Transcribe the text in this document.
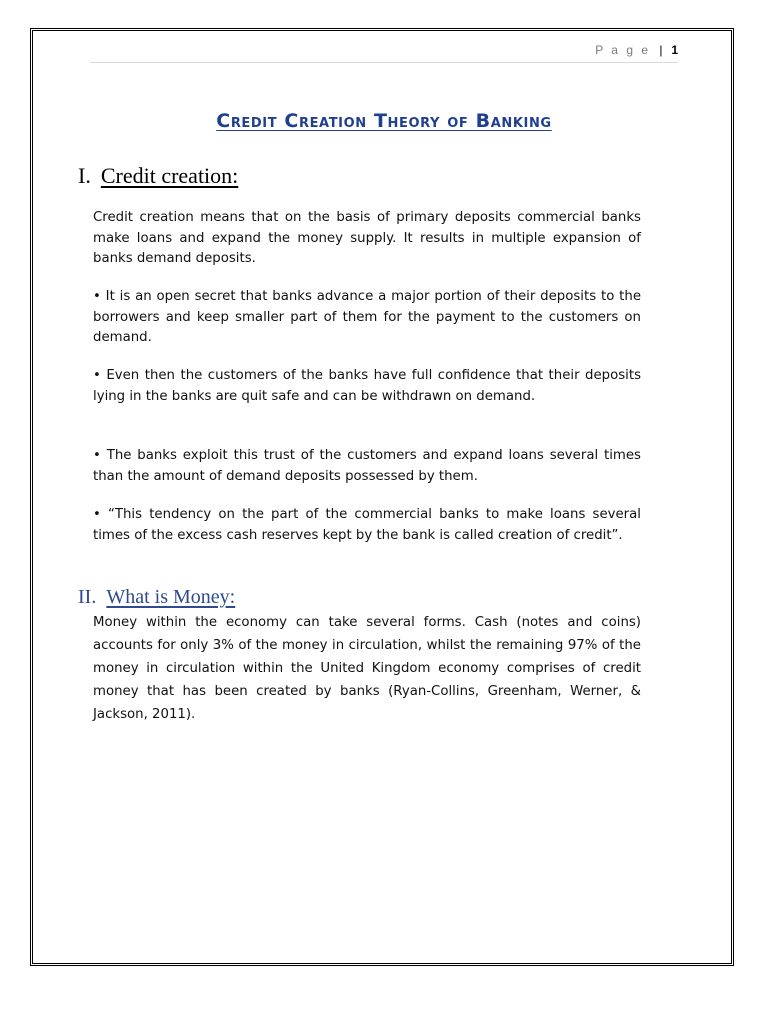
P a g e | 1
Credit Creation Theory of Banking
I. Credit creation:

Credit creation means that on the basis of primary deposits commercial banks make loans and expand the money supply. It results in multiple expansion of banks demand deposits.

• It is an open secret that banks advance a major portion of their deposits to the borrowers and keep smaller part of them for the payment to the customers on demand.

• Even then the customers of the banks have full confidence that their deposits lying in the banks are quit safe and can be withdrawn on demand.

• The banks exploit this trust of the customers and expand loans several times than the amount of demand deposits possessed by them.

• “This tendency on the part of the commercial banks to make loans several times of the excess cash reserves kept by the bank is called creation of credit”.

II. What is Money:

Money within the economy can take several forms. Cash (notes and coins) accounts for only 3% of the money in circulation, whilst the remaining 97% of the money in circulation within the United Kingdom economy comprises of credit money that has been created by banks (Ryan-Collins, Greenham, Werner, & Jackson, 2011).
